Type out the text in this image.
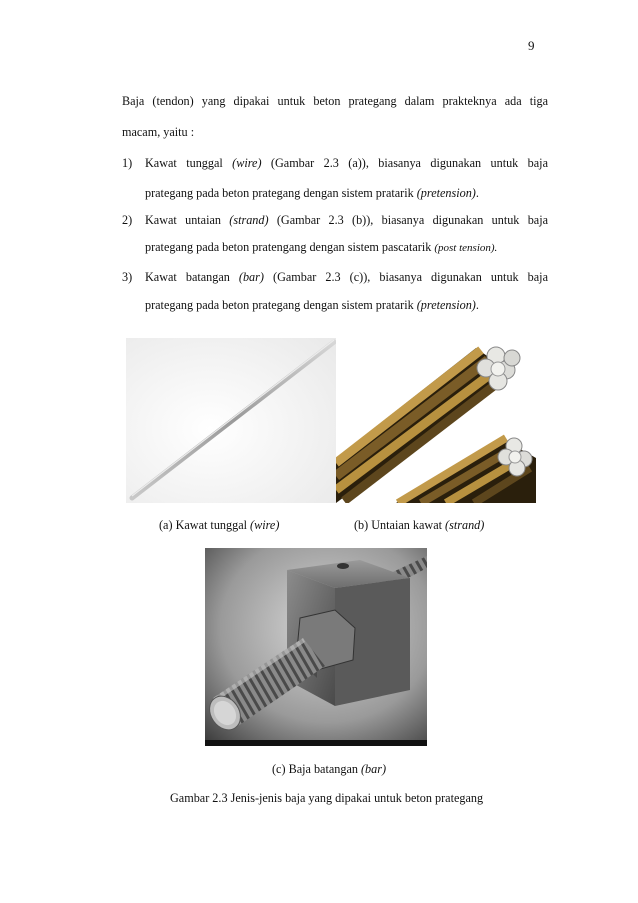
9
Baja (tendon) yang dipakai untuk beton prategang dalam prakteknya ada tiga
macam, yaitu :
1) Kawat tunggal (wire) (Gambar 2.3 (a)), biasanya digunakan untuk baja
prategang pada beton prategang dengan sistem pratarik (pretension).
2) Kawat untaian (strand) (Gambar 2.3 (b)), biasanya digunakan untuk baja
prategang pada beton pratengang dengan sistem pascatarik (post tension).
3) Kawat batangan (bar) (Gambar 2.3 (c)), biasanya digunakan untuk baja
prategang pada beton prategang dengan sistem pratarik (pretension).
(a) Kawat tunggal (wire)	(b) Untaian kawat (strand)
(c) Baja batangan (bar)
Gambar 2.3 Jenis-jenis baja yang dipakai untuk beton prategang
